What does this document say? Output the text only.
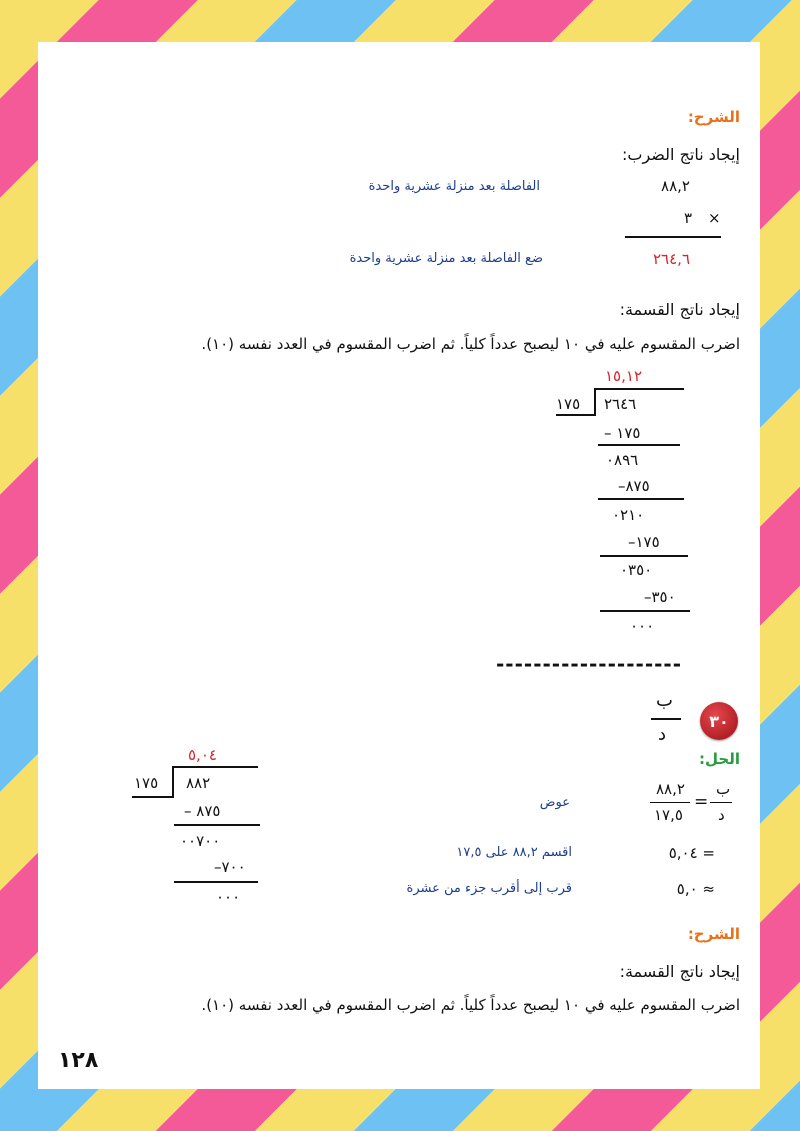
الشرح:
إيجاد ناتج الضرب:
٨٨,٢
الفاصلة بعد منزلة عشرية واحدة
×
٣
٢٦٤,٦
ضع الفاصلة بعد منزلة عشرية واحدة
إيجاد ناتج القسمة:
اضرب المقسوم عليه في ١٠ ليصبح عدداً كلياً. ثم اضرب المقسوم في العدد نفسه (١٠).
١٥,١٢
١٧٥ ٢٦٤٦
– ١٧٥
٠٨٩٦
–٨٧٥
٠٢١٠
–١٧٥
٠٣٥٠
–٣٥٠
٠٠٠
--------------------
٣٠
ب
د
الحل:
ب
د
=
٨٨,٢
١٧,٥
عوض
= ٥,٠٤
اقسم ٨٨,٢ على ١٧,٥
≈ ٥,٠
قرب إلى أقرب جزء من عشرة
٥,٠٤
١٧٥ ٨٨٢
– ٨٧٥
٠٠٧٠٠
–٧٠٠
٠٠٠
الشرح:
إيجاد ناتج القسمة:
اضرب المقسوم عليه في ١٠ ليصبح عدداً كلياً. ثم اضرب المقسوم في العدد نفسه (١٠).
١٢٨
